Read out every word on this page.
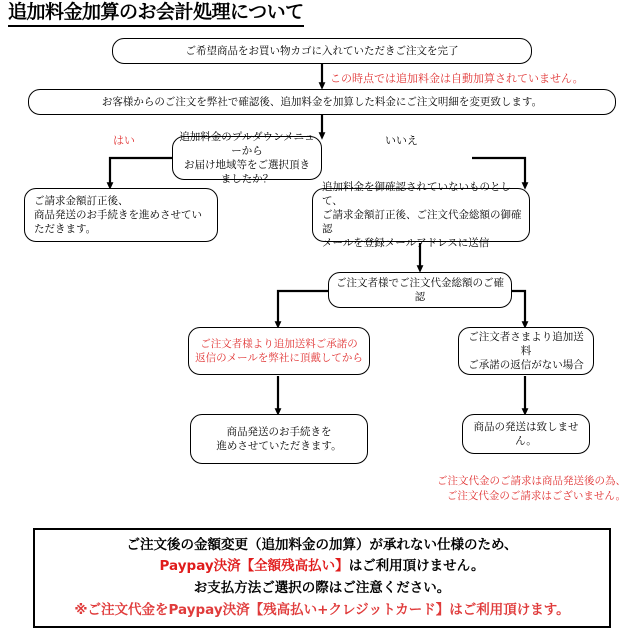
追加料金加算のお会計処理について
ご希望商品をお買い物カゴに入れていただきご注文を完了
この時点では追加料金は自動加算されていません。
お客様からのご注文を弊社で確認後、追加料金を加算した料金にご注文明細を変更致します。
追加料金のプルダウンメニューから
お届け地域等をご選択頂きましたか？
はい	いいえ
ご請求金額訂正後、
商品発送のお手続きを進めさせてい
ただきます。
追加料金を御確認されていないものとして、
ご請求金額訂正後、ご注文代金総額の御確認
メールを登録メールアドレスに送信
ご注文者様でご注文代金総額のご確認
ご注文者様より追加送料ご承諾の
返信のメールを弊社に頂戴してから
ご注文者さまより追加送料
ご承諾の返信がない場合
商品発送のお手続きを
進めさせていただきます。
商品の発送は致しません。
ご注文代金のご請求は商品発送後の為、
ご注文代金のご請求はございません。
ご注文後の金額変更（追加料金の加算）が承れない仕様のため、
Paypay決済【全額残高払い】はご利用頂けません。
お支払方法ご選択の際はご注意ください。
※ご注文代金をPaypay決済【残高払い+クレジットカード】はご利用頂けます。
